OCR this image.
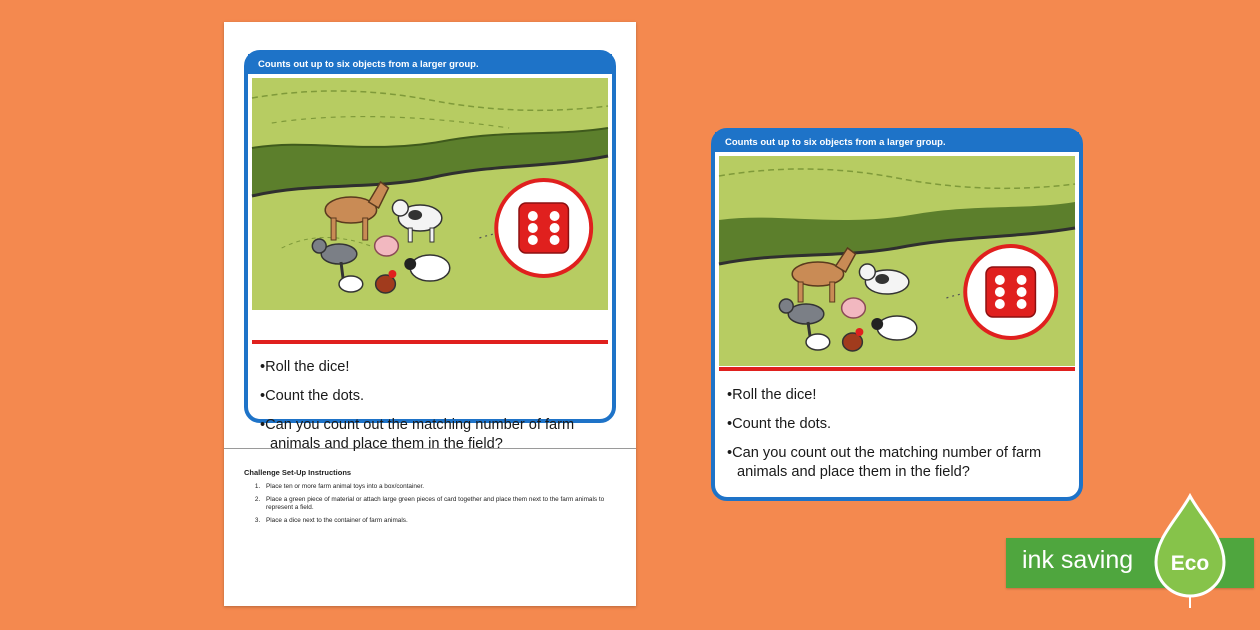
Challenge Set-Up Instructions
1. Place ten or more farm animal toys into a box/container.
2. Place a green piece of material or attach large green pieces of card together and place them next to the farm animals to represent a field.
3. Place a dice next to the container of farm animals.
Counts out up to six objects from a larger group.
• Roll the dice!
• Count the dots.
• Can you count out the matching number of farm animals and place them in the field?
Counts out up to six objects from a larger group.
• Roll the dice!
• Count the dots.
• Can you count out the matching number of farm animals and place them in the field?
ink saving Eco
